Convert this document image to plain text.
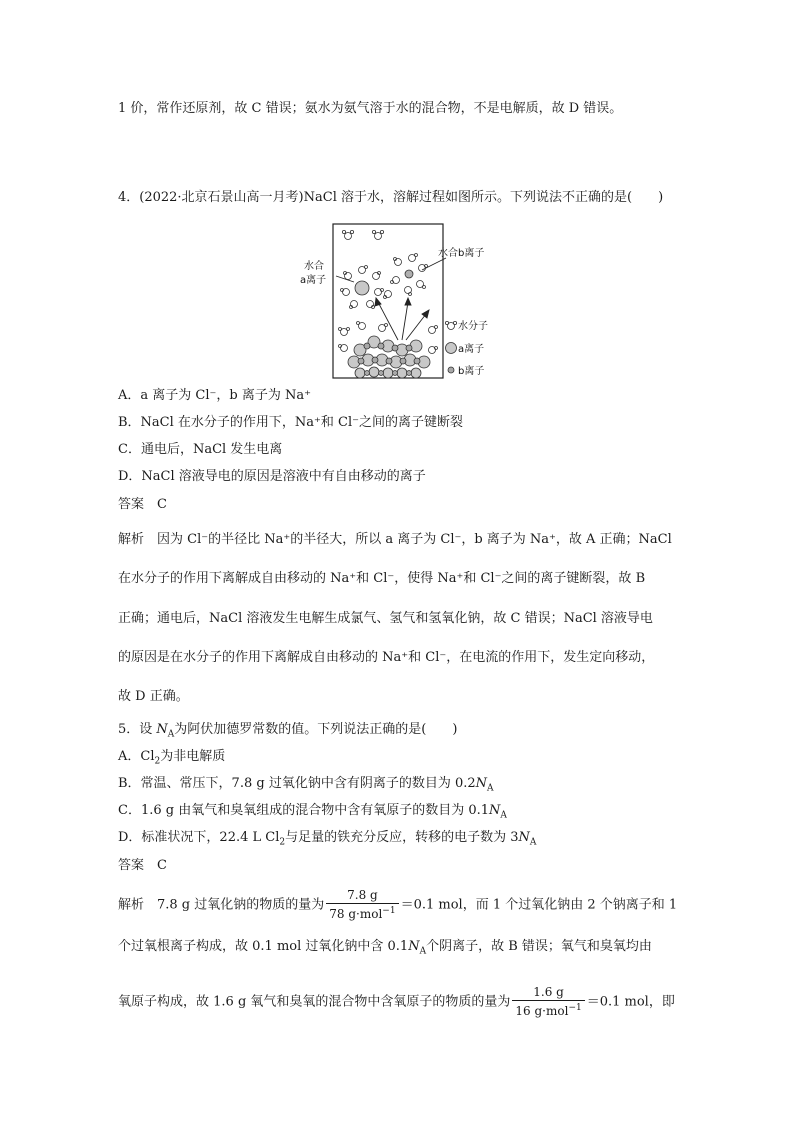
1 价，常作还原剂，故 C 错误；氨水为氨气溶于水的混合物，不是电解质，故 D 错误。
4．(2022·北京石景山高一月考)NaCl 溶于水，溶解过程如图所示。下列说法不正确的是(　　)
水合
a离子
水合b离子
水分子
a离子
b离子
A．a 离子为 Cl⁻，b 离子为 Na⁺
B．NaCl 在水分子的作用下，Na⁺和 Cl⁻之间的离子键断裂
C．通电后，NaCl 发生电离
D．NaCl 溶液导电的原因是溶液中有自由移动的离子
答案　C
解析　因为 Cl⁻的半径比 Na⁺的半径大，所以 a 离子为 Cl⁻，b 离子为 Na⁺，故 A 正确；NaCl
在水分子的作用下离解成自由移动的 Na⁺和 Cl⁻，使得 Na⁺和 Cl⁻之间的离子键断裂，故 B
正确；通电后，NaCl 溶液发生电解生成氯气、氢气和氢氧化钠，故 C 错误；NaCl 溶液导电
的原因是在水分子的作用下离解成自由移动的 Na⁺和 Cl⁻，在电流的作用下，发生定向移动，
故 D 正确。
5．设 $N_A$为阿伏加德罗常数的值。下列说法正确的是(　　)
A．$Cl_2$为非电解质
B．常温、常压下，7.8 g 过氧化钠中含有阴离子的数目为 $0.2N_A$
C．1.6 g 由氧气和臭氧组成的混合物中含有氧原子的数目为 $0.1N_A$
D．标准状况下，22.4 L $Cl_2$与足量的铁充分反应，转移的电子数为 $3N_A$
答案　C
解析　7.8 g 过氧化钠的物质的量为 $\frac{7.8 g}{78 g\cdot mol^{-1}} =0.1$ mol，而 1 个过氧化钠由 2 个钠离子和 1
个过氧根离子构成，故 0.1 mol 过氧化钠中含 $0.1N_A$个阴离子，故 B 错误；氧气和臭氧均由
氧原子构成，故 1.6 g 氧气和臭氧的混合物中含氧原子的物质的量为 $\frac{1.6 g}{16 g\cdot mol^{-1}} =0.1$ mol，即
